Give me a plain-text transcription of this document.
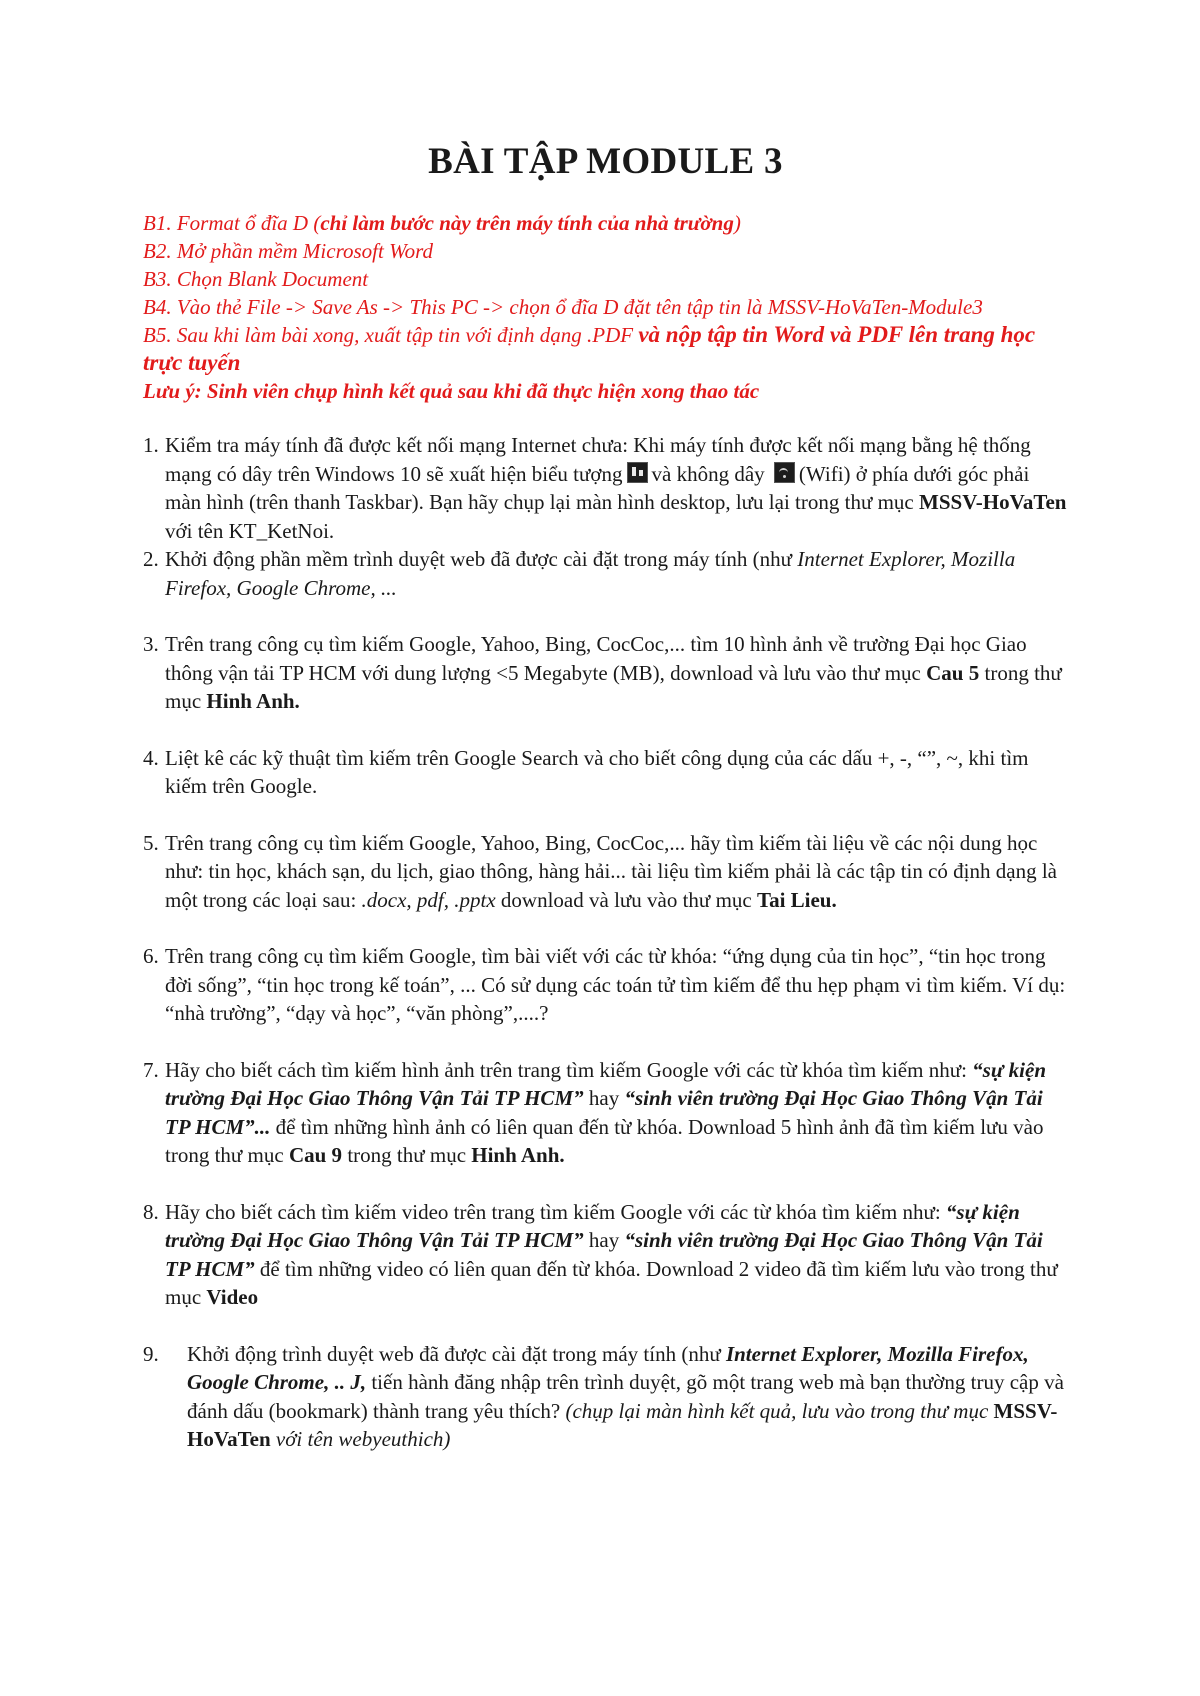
BÀI TẬP MODULE 3

B1. Format ổ đĩa D (chỉ làm bước này trên máy tính của nhà trường)

B2. Mở phần mềm Microsoft Word

B3. Chọn Blank Document

B4. Vào thẻ File -> Save As -> This PC -> chọn ổ đĩa D đặt tên tập tin là MSSV-HoVaTen-Module3

B5. Sau khi làm bài xong, xuất tập tin với định dạng .PDF và nộp tập tin Word và PDF lên trang học trực tuyến

Lưu ý: Sinh viên chụp hình kết quả sau khi đã thực hiện xong thao tác

1. Kiểm tra máy tính đã được kết nối mạng Internet chưa: Khi máy tính được kết nối mạng bằng hệ thống mạng có dây trên Windows 10 sẽ xuất hiện biểu tượng và không dây (Wifi) ở phía dưới góc phải màn hình (trên thanh Taskbar). Bạn hãy chụp lại màn hình desktop, lưu lại trong thư mục MSSV-HoVaTen với tên KT_KetNoi.
2. Khởi động phần mềm trình duyệt web đã được cài đặt trong máy tính (như Internet Explorer, Mozilla Firefox, Google Chrome, ...
3. Trên trang công cụ tìm kiếm Google, Yahoo, Bing, CocCoc,... tìm 10 hình ảnh về trường Đại học Giao thông vận tải TP HCM với dung lượng <5 Megabyte (MB), download và lưu vào thư mục Cau 5 trong thư mục Hinh Anh.
4. Liệt kê các kỹ thuật tìm kiếm trên Google Search và cho biết công dụng của các dấu +, -, “”, ~, khi tìm kiếm trên Google.
5. Trên trang công cụ tìm kiếm Google, Yahoo, Bing, CocCoc,... hãy tìm kiếm tài liệu về các nội dung học như: tin học, khách sạn, du lịch, giao thông, hàng hải... tài liệu tìm kiếm phải là các tập tin có định dạng là một trong các loại sau: .docx, pdf, .pptx download và lưu vào thư mục Tai Lieu.
6. Trên trang công cụ tìm kiếm Google, tìm bài viết với các từ khóa: “ứng dụng của tin học”, “tin học trong đời sống”, “tin học trong kế toán”, ... Có sử dụng các toán tử tìm kiếm để thu hẹp phạm vi tìm kiếm. Ví dụ: “nhà trường”, “dạy và học”, “văn phòng”,....?
7. Hãy cho biết cách tìm kiếm hình ảnh trên trang tìm kiếm Google với các từ khóa tìm kiếm như: “sự kiện trường Đại Học Giao Thông Vận Tải TP HCM” hay “sinh viên trường Đại Học Giao Thông Vận Tải TP HCM”... để tìm những hình ảnh có liên quan đến từ khóa. Download 5 hình ảnh đã tìm kiếm lưu vào trong thư mục Cau 9 trong thư mục Hinh Anh.
8. Hãy cho biết cách tìm kiếm video trên trang tìm kiếm Google với các từ khóa tìm kiếm như: “sự kiện trường Đại Học Giao Thông Vận Tải TP HCM” hay “sinh viên trường Đại Học Giao Thông Vận Tải TP HCM” để tìm những video có liên quan đến từ khóa. Download 2 video đã tìm kiếm lưu vào trong thư mục Video
9. Khởi động trình duyệt web đã được cài đặt trong máy tính (như Internet Explorer, Mozilla Firefox, Google Chrome, .. J, tiến hành đăng nhập trên trình duyệt, gõ một trang web mà bạn thường truy cập và đánh dấu (bookmark) thành trang yêu thích? (chụp lại màn hình kết quả, lưu vào trong thư mục MSSV-HoVaTen với tên webyeuthich)
